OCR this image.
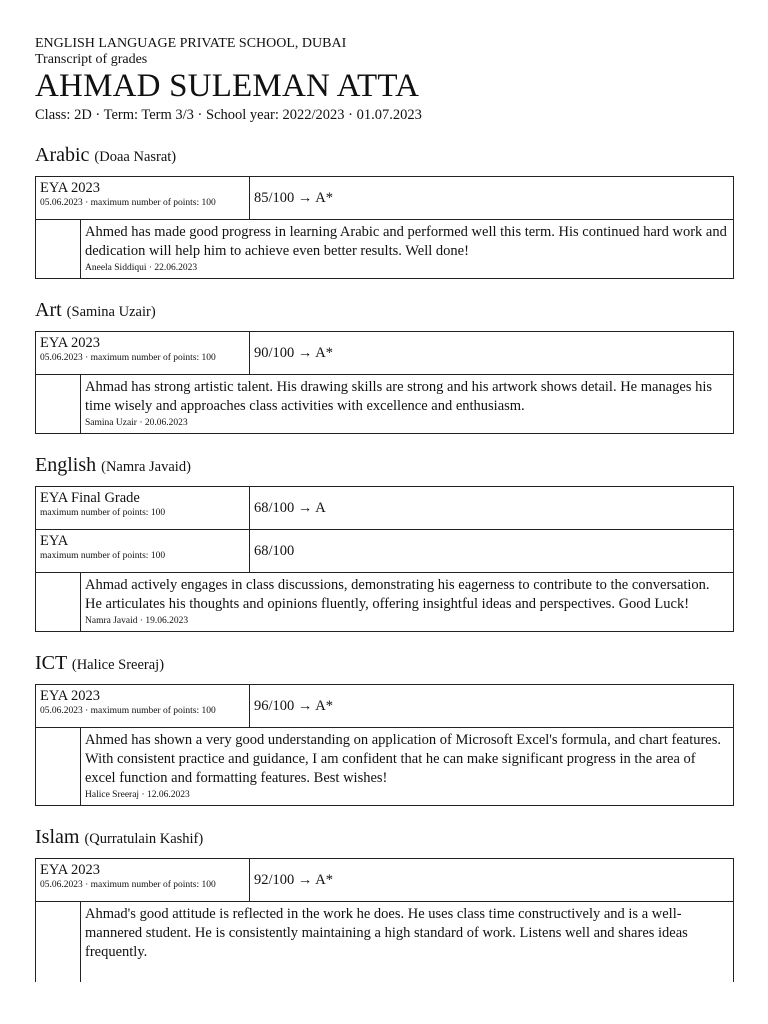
ENGLISH LANGUAGE PRIVATE SCHOOL, DUBAI
Transcript of grades
AHMAD SULEMAN ATTA
Class: 2D · Term: Term 3/3 · School year: 2022/2023 · 01.07.2023
Arabic (Doaa Nasrat)
EYA 2023
05.06.2023 · maximum number of points: 100	85/100 → A*
Ahmed has made good progress in learning Arabic and performed well this term. His continued hard work and dedication will help him to achieve even better results. Well done!
Aneela Siddiqui · 22.06.2023
Art (Samina Uzair)
EYA 2023
05.06.2023 · maximum number of points: 100	90/100 → A*
Ahmad has strong artistic talent. His drawing skills are strong and his artwork shows detail. He manages his time wisely and approaches class activities with excellence and enthusiasm.
Samina Uzair · 20.06.2023
English (Namra Javaid)
EYA Final Grade
maximum number of points: 100	68/100 → A
EYA
maximum number of points: 100	68/100
Ahmad actively engages in class discussions, demonstrating his eagerness to contribute to the conversation. He articulates his thoughts and opinions fluently, offering insightful ideas and perspectives. Good Luck!
Namra Javaid · 19.06.2023
ICT (Halice Sreeraj)
EYA 2023
05.06.2023 · maximum number of points: 100	96/100 → A*
Ahmed has shown a very good understanding on application of Microsoft Excel's formula, and chart features. With consistent practice and guidance, I am confident that he can make significant progress in the area of excel function and formatting features. Best wishes!
Halice Sreeraj · 12.06.2023
Islam (Qurratulain Kashif)
EYA 2023
05.06.2023 · maximum number of points: 100	92/100 → A*
Ahmad's good attitude is reflected in the work he does. He uses class time constructively and is a well-mannered student. He is consistently maintaining a high standard of work. Listens well and shares ideas frequently.
